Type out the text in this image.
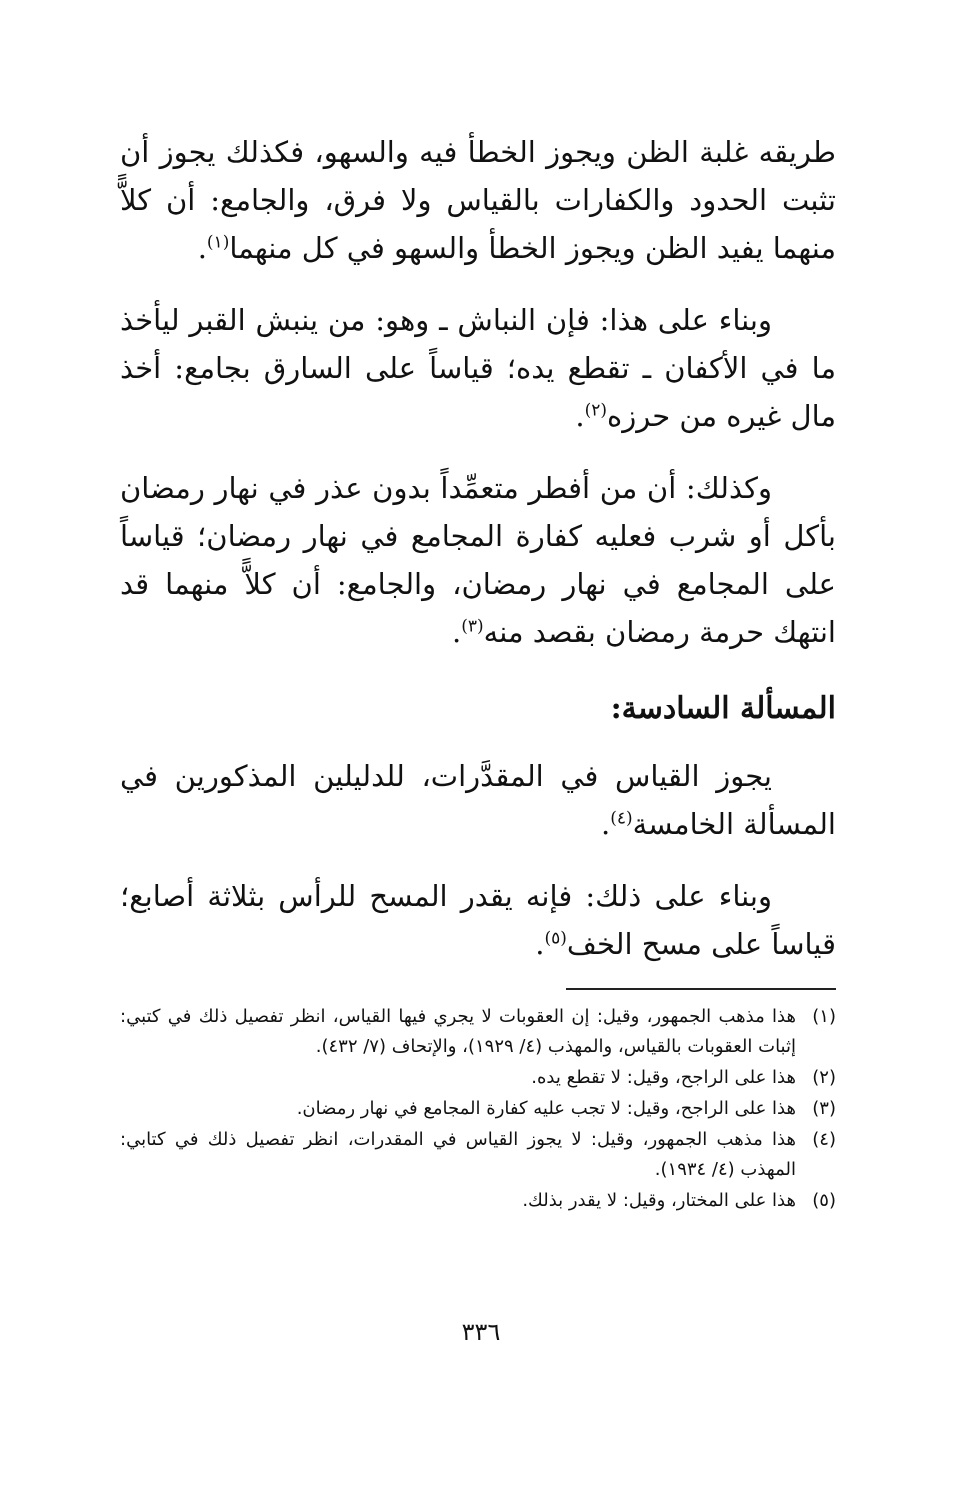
طريقه غلبة الظن ويجوز الخطأ فيه والسهو، فكذلك يجوز أن تثبت الحدود والكفارات بالقياس ولا فرق، والجامع: أن كلاًّ منهما يفيد الظن ويجوز الخطأ والسهو في كل منهما$^{(١)}$.

وبناء على هذا: فإن النباش ـ وهو: من ينبش القبر ليأخذ ما في الأكفان ـ تقطع يده؛ قياساً على السارق بجامع: أخذ مال غيره من حرزه$^{(٢)}$.

وكذلك: أن من أفطر متعمِّداً بدون عذر في نهار رمضان بأكل أو شرب فعليه كفارة المجامع في نهار رمضان؛ قياساً على المجامع في نهار رمضان، والجامع: أن كلاًّ منهما قد انتهك حرمة رمضان بقصد منه$^{(٣)}$.

المسألة السادسة:

يجوز القياس في المقدَّرات، للدليلين المذكورين في المسألة الخامسة$^{(٤)}$.

وبناء على ذلك: فإنه يقدر المسح للرأس بثلاثة أصابع؛ قياساً على مسح الخف$^{(٥)}$.

(١)
هذا مذهب الجمهور، وقيل: إن العقوبات لا يجري فيها القياس، انظر تفصيل ذلك في كتبي: إثبات العقوبات بالقياس، والمهذب (٤/ ١٩٢٩)، والإتحاف (٧/ ٤٣٢).
(٢)
هذا على الراجح، وقيل: لا تقطع يده.
(٣)
هذا على الراجح، وقيل: لا تجب عليه كفارة المجامع في نهار رمضان.
(٤)
هذا مذهب الجمهور، وقيل: لا يجوز القياس في المقدرات، انظر تفصيل ذلك في كتابي: المهذب (٤/ ١٩٣٤).
(٥)
هذا على المختار، وقيل: لا يقدر بذلك.
٣٣٦
